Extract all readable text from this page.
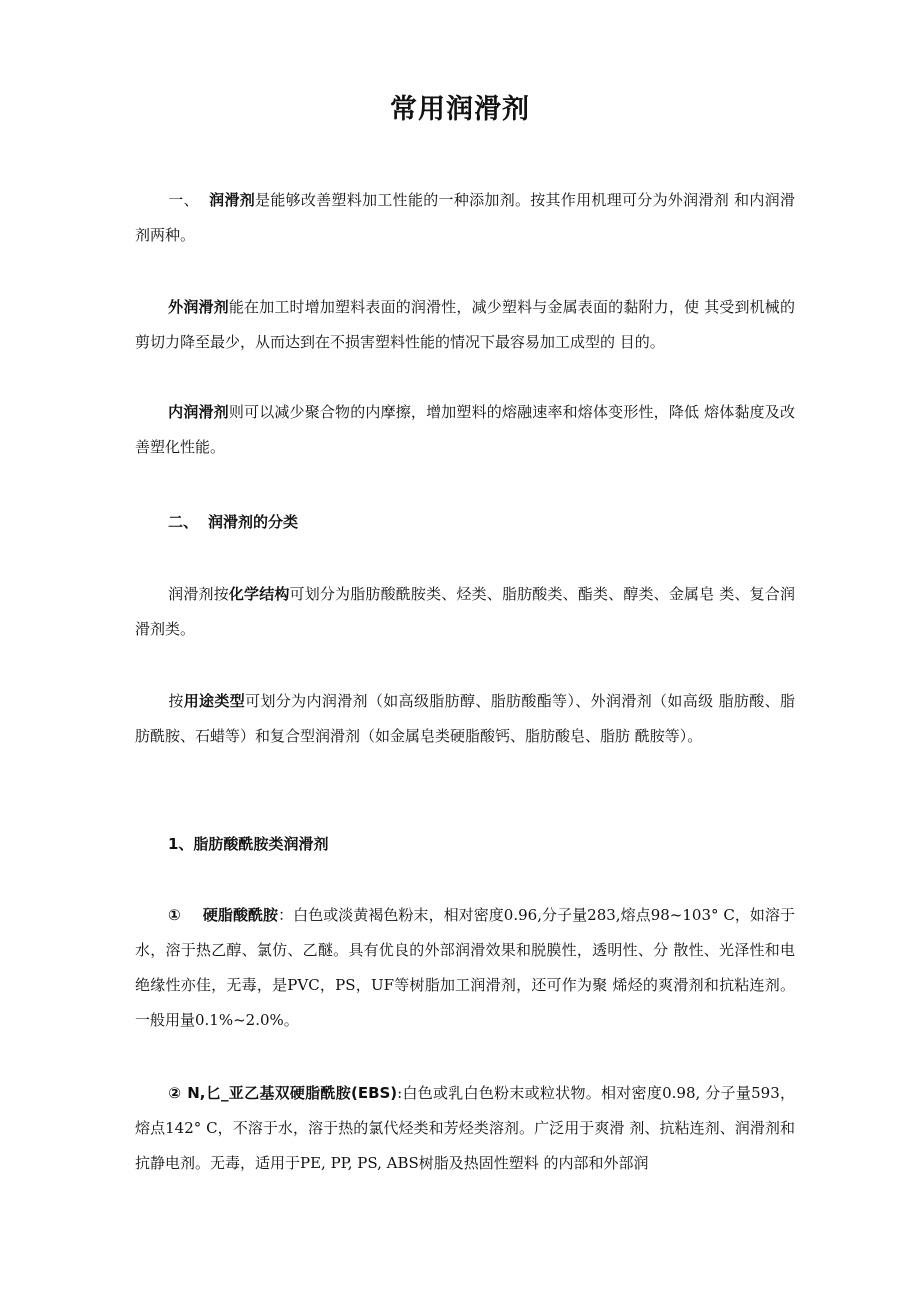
常用润滑剂
一、 润滑剂是能够改善塑料加工性能的一种添加剂。按其作用机理可分为外润滑剂 和内润滑剂两种。
外润滑剂能在加工时增加塑料表面的润滑性，减少塑料与金属表面的黏附力，使 其受到机械的剪切力降至最少，从而达到在不损害塑料性能的情况下最容易加工成型的 目的。
内润滑剂则可以减少聚合物的内摩擦，增加塑料的熔融速率和熔体变形性，降低 熔体黏度及改善塑化性能。
二、 润滑剂的分类
润滑剂按化学结构可划分为脂肪酸酰胺类、烃类、脂肪酸类、酯类、醇类、金属皂 类、复合润滑剂类。
按用途类型可划分为内润滑剂（如高级脂肪醇、脂肪酸酯等）、外润滑剂（如高级 脂肪酸、脂肪酰胺、石蜡等）和复合型润滑剂（如金属皂类硬脂酸钙、脂肪酸皂、脂肪 酰胺等）。
1、脂肪酸酰胺类润滑剂
① 硬脂酸酰胺：白色或淡黄褐色粉末，相对密度0.96,分子量283,熔点98~103° C，如溶于水，溶于热乙醇、氯仿、乙醚。具有优良的外部润滑效果和脱膜性，透明性、分 散性、光泽性和电绝缘性亦佳，无毒，是PVC，PS，UF等树脂加工润滑剂，还可作为聚 烯烃的爽滑剂和抗粘连剂。一般用量0.1%~2.0%。
② N,匕_亚乙基双硬脂酰胺(EBS):白色或乳白色粉末或粒状物。相对密度0.98, 分子量593，熔点142° C，不溶于水，溶于热的氯代烃类和芳烃类溶剂。广泛用于爽滑 剂、抗粘连剂、润滑剂和抗静电剂。无毒，适用于PE, PP, PS, ABS树脂及热固性塑料 的内部和外部润
